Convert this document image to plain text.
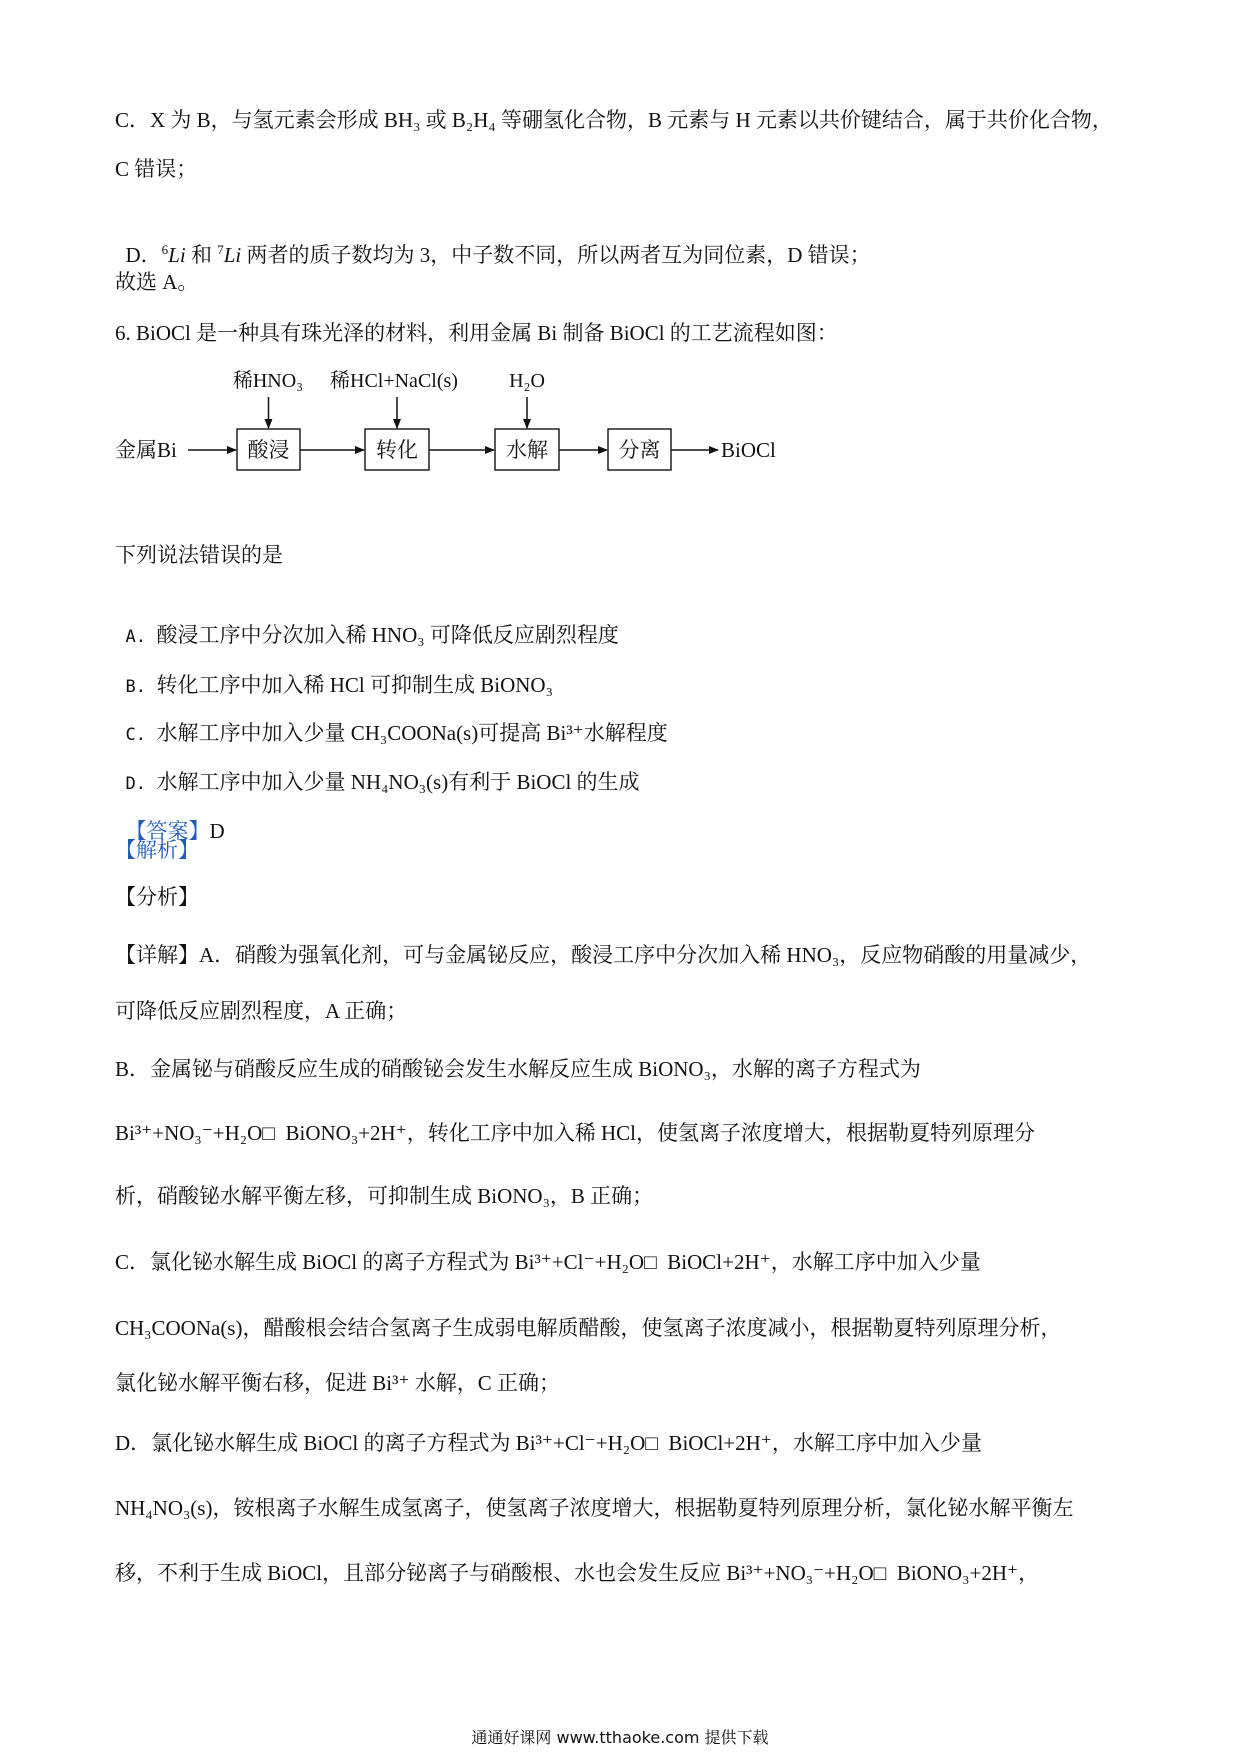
C．X 为 B，与氢元素会形成 BH₃ 或 B₂H₄ 等硼氢化合物，B 元素与 H 元素以共价键结合，属于共价化合物，
C 错误；

D．$^6$Li 和 $^7$Li 两者的质子数均为 3，中子数不同，所以两者互为同位素，D 错误；

故选 A。
6. BiOCl 是一种具有珠光泽的材料，利用金属 Bi 制备 BiOCl 的工艺流程如图：
稀HNO₃ 稀HCl+NaCl(s)	H₂O
金属Bi	酸浸	转化	水解	分离	BiOCl
下列说法错误的是

A. 酸浸工序中分次加入稀 HNO₃ 可降低反应剧烈程度

B. 转化工序中加入稀 HCl 可抑制生成 BiONO₃

C. 水解工序中加入少量 CH₃COONa(s)可提高 Bi³⁺水解程度

D. 水解工序中加入少量 NH₄NO₃(s)有利于 BiOCl 的生成

【答案】D

【解析】
【分析】
【详解】A．硝酸为强氧化剂，可与金属铋反应，酸浸工序中分次加入稀 HNO₃，反应物硝酸的用量减少，
可降低反应剧烈程度，A 正确；
B．金属铋与硝酸反应生成的硝酸铋会发生水解反应生成 BiONO₃，水解的离子方程式为
Bi³⁺+NO₃⁻+H₂O□  BiONO₃+2H⁺，转化工序中加入稀 HCl，使氢离子浓度增大，根据勒夏特列原理分
析，硝酸铋水解平衡左移，可抑制生成 BiONO₃，B 正确；
C．氯化铋水解生成 BiOCl 的离子方程式为 Bi³⁺+Cl⁻+H₂O□  BiOCl+2H⁺，水解工序中加入少量
CH₃COONa(s)，醋酸根会结合氢离子生成弱电解质醋酸，使氢离子浓度减小，根据勒夏特列原理分析，
氯化铋水解平衡右移，促进 Bi³⁺ 水解，C 正确；
D．氯化铋水解生成 BiOCl 的离子方程式为 Bi³⁺+Cl⁻+H₂O□  BiOCl+2H⁺，水解工序中加入少量
NH₄NO₃(s)，铵根离子水解生成氢离子，使氢离子浓度增大，根据勒夏特列原理分析，氯化铋水解平衡左
移，不利于生成 BiOCl，且部分铋离子与硝酸根、水也会发生反应 Bi³⁺+NO₃⁻+H₂O□  BiONO₃+2H⁺，
通通好课网 www.tthaoke.com 提供下载
